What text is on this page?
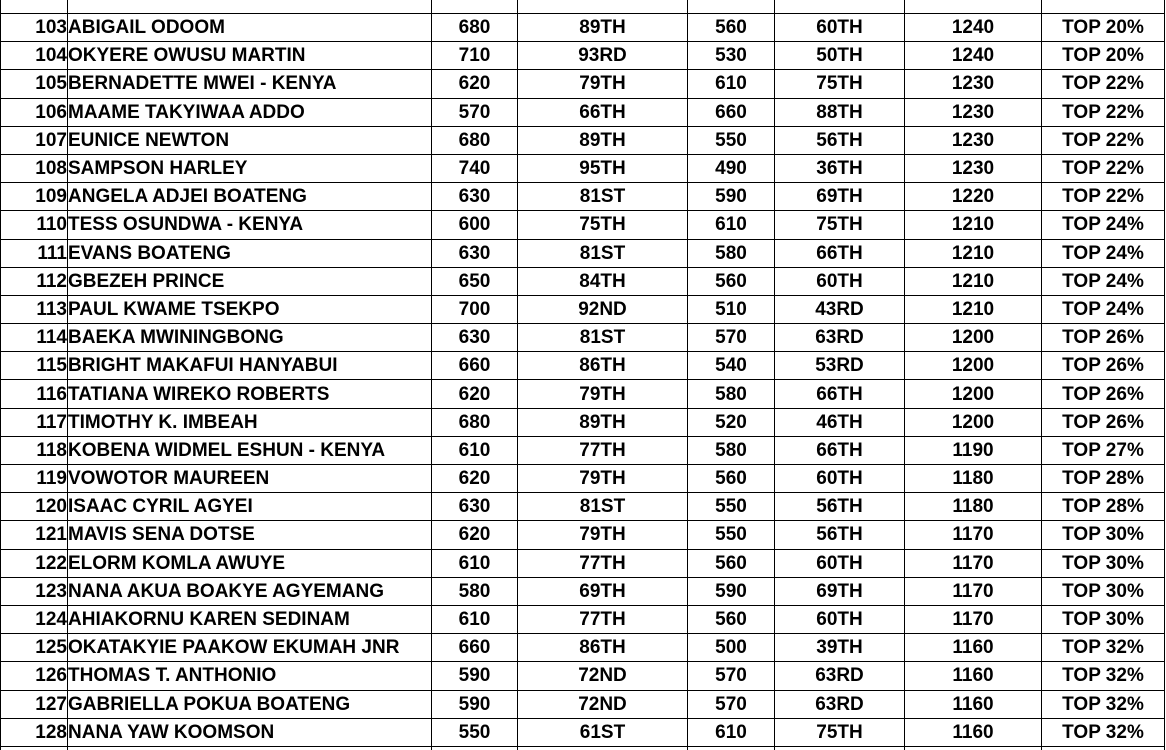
103	ABIGAIL ODOOM	680	89TH	560	60TH	1240	TOP 20%
104	OKYERE OWUSU MARTIN	710	93RD	530	50TH	1240	TOP 20%
105	BERNADETTE MWEI - KENYA	620	79TH	610	75TH	1230	TOP 22%
106	MAAME TAKYIWAA ADDO	570	66TH	660	88TH	1230	TOP 22%
107	EUNICE NEWTON	680	89TH	550	56TH	1230	TOP 22%
108	SAMPSON HARLEY	740	95TH	490	36TH	1230	TOP 22%
109	ANGELA ADJEI BOATENG	630	81ST	590	69TH	1220	TOP 22%
110	TESS OSUNDWA - KENYA	600	75TH	610	75TH	1210	TOP 24%
111	EVANS BOATENG	630	81ST	580	66TH	1210	TOP 24%
112	GBEZEH PRINCE	650	84TH	560	60TH	1210	TOP 24%
113	PAUL KWAME TSEKPO	700	92ND	510	43RD	1210	TOP 24%
114	BAEKA MWININGBONG	630	81ST	570	63RD	1200	TOP 26%
115	BRIGHT MAKAFUI HANYABUI	660	86TH	540	53RD	1200	TOP 26%
116	TATIANA WIREKO ROBERTS	620	79TH	580	66TH	1200	TOP 26%
117	TIMOTHY K. IMBEAH	680	89TH	520	46TH	1200	TOP 26%
118	KOBENA WIDMEL ESHUN - KENYA	610	77TH	580	66TH	1190	TOP 27%
119	VOWOTOR MAUREEN	620	79TH	560	60TH	1180	TOP 28%
120	ISAAC CYRIL AGYEI	630	81ST	550	56TH	1180	TOP 28%
121	MAVIS SENA DOTSE	620	79TH	550	56TH	1170	TOP 30%
122	ELORM KOMLA AWUYE	610	77TH	560	60TH	1170	TOP 30%
123	NANA AKUA BOAKYE AGYEMANG	580	69TH	590	69TH	1170	TOP 30%
124	AHIAKORNU KAREN SEDINAM	610	77TH	560	60TH	1170	TOP 30%
125	OKATAKYIE PAAKOW EKUMAH JNR	660	86TH	500	39TH	1160	TOP 32%
126	THOMAS T. ANTHONIO	590	72ND	570	63RD	1160	TOP 32%
127	GABRIELLA POKUA BOATENG	590	72ND	570	63RD	1160	TOP 32%
128	NANA YAW KOOMSON	550	61ST	610	75TH	1160	TOP 32%
